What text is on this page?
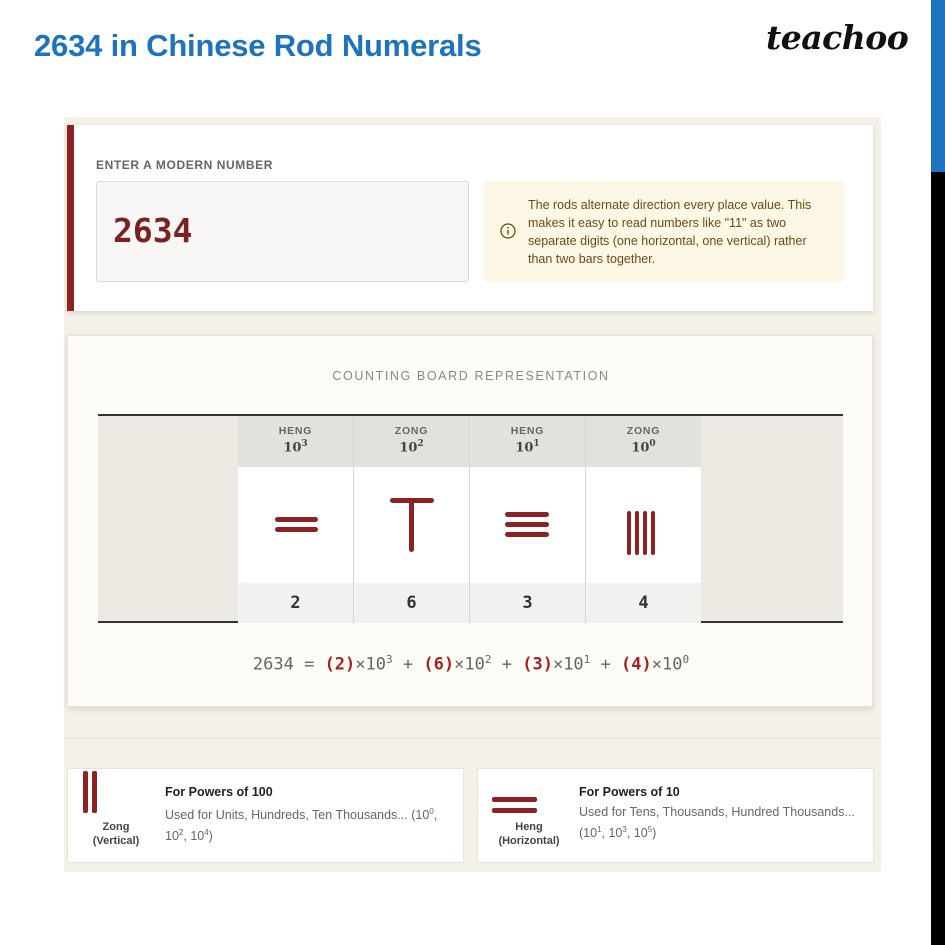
2634 in Chinese Rod Numerals	teachoo
ENTER A MODERN NUMBER
2634
The rods alternate direction every place value. This makes it easy to read numbers like "11" as two separate digits (one horizontal, one vertical) rather than two bars together.
COUNTING BOARD REPRESENTATION
HENG
$10^3$
2
ZONG
$10^2$
6
HENG
$10^1$
3
ZONG
$10^0$
4
$2634 = (2)\times 10^3 + (6)\times 10^2 + (3)\times 10^1 + (4)\times 10^0$
Zong
(Vertical)
For Powers of 100
Used for Units, Hundreds, Ten Thousands... ($10^0$, $10^2$, $10^4$)
Heng
(Horizontal)
For Powers of 10
Used for Tens, Thousands, Hundred Thousands... ($10^1$, $10^3$, $10^5$)
